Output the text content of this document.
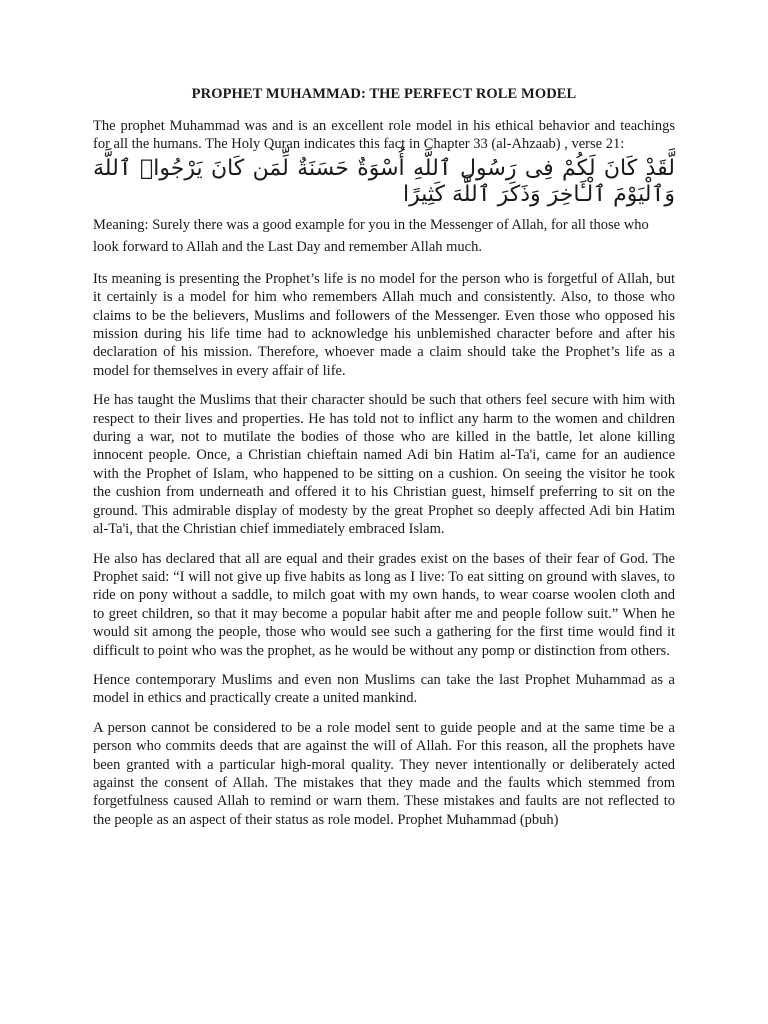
PROPHET MUHAMMAD: THE PERFECT ROLE MODEL

The prophet Muhammad was and is an excellent role model in his ethical behavior and teachings for all the humans. The Holy Quran indicates this fact in Chapter 33 (al-Ahzaab) , verse 21:

لَّقَدْ كَانَ لَكُمْ فِى رَسُولِ ٱللَّهِ أُسْوَةٌ حَسَنَةٌ لِّمَن كَانَ يَرْجُوا۟ ٱللَّهَ وَٱلْيَوْمَ ٱلْـَٔاخِرَ وَذَكَرَ ٱللَّهَ كَثِيرًا

Meaning: Surely there was a good example for you in the Messenger of Allah, for all those who look forward to Allah and the Last Day and remember Allah much.

Its meaning is presenting the Prophet’s life is no model for the person who is forgetful of Allah, but it certainly is a model for him who remembers Allah much and consistently. Also, to those who claims to be the believers, Muslims and followers of the Messenger. Even those who opposed his mission during his life time had to acknowledge his unblemished character before and after his declaration of his mission. Therefore, whoever made a claim should take the Prophet’s life as a model for themselves in every affair of life.

He has taught the Muslims that their character should be such that others feel secure with him with respect to their lives and properties. He has told not to inflict any harm to the women and children during a war, not to mutilate the bodies of those who are killed in the battle, let alone killing innocent people. Once, a Christian chieftain named Adi bin Hatim al-Ta'i, came for an audience with the Prophet of Islam, who happened to be sitting on a cushion. On seeing the visitor he took the cushion from underneath and offered it to his Christian guest, himself preferring to sit on the ground. This admirable display of modesty by the great Prophet so deeply affected Adi bin Hatim al-Ta'i, that the Christian chief immediately embraced Islam.

He also has declared that all are equal and their grades exist on the bases of their fear of God. The Prophet said: “I will not give up five habits as long as I live: To eat sitting on ground with slaves, to ride on pony without a saddle, to milch goat with my own hands, to wear coarse woolen cloth and to greet children, so that it may become a popular habit after me and people follow suit.” When he would sit among the people, those who would see such a gathering for the first time would find it difficult to point who was the prophet, as he would be without any pomp or distinction from others.

Hence contemporary Muslims and even non Muslims can take the last Prophet Muhammad as a model in ethics and practically create a united mankind.

A person cannot be considered to be a role model sent to guide people and at the same time be a person who commits deeds that are against the will of Allah. For this reason, all the prophets have been granted with a particular high-moral quality. They never intentionally or deliberately acted against the consent of Allah. The mistakes that they made and the faults which stemmed from forgetfulness caused Allah to remind or warn them. These mistakes and faults are not reflected to the people as an aspect of their status as role model. Prophet Muhammad (pbuh)
